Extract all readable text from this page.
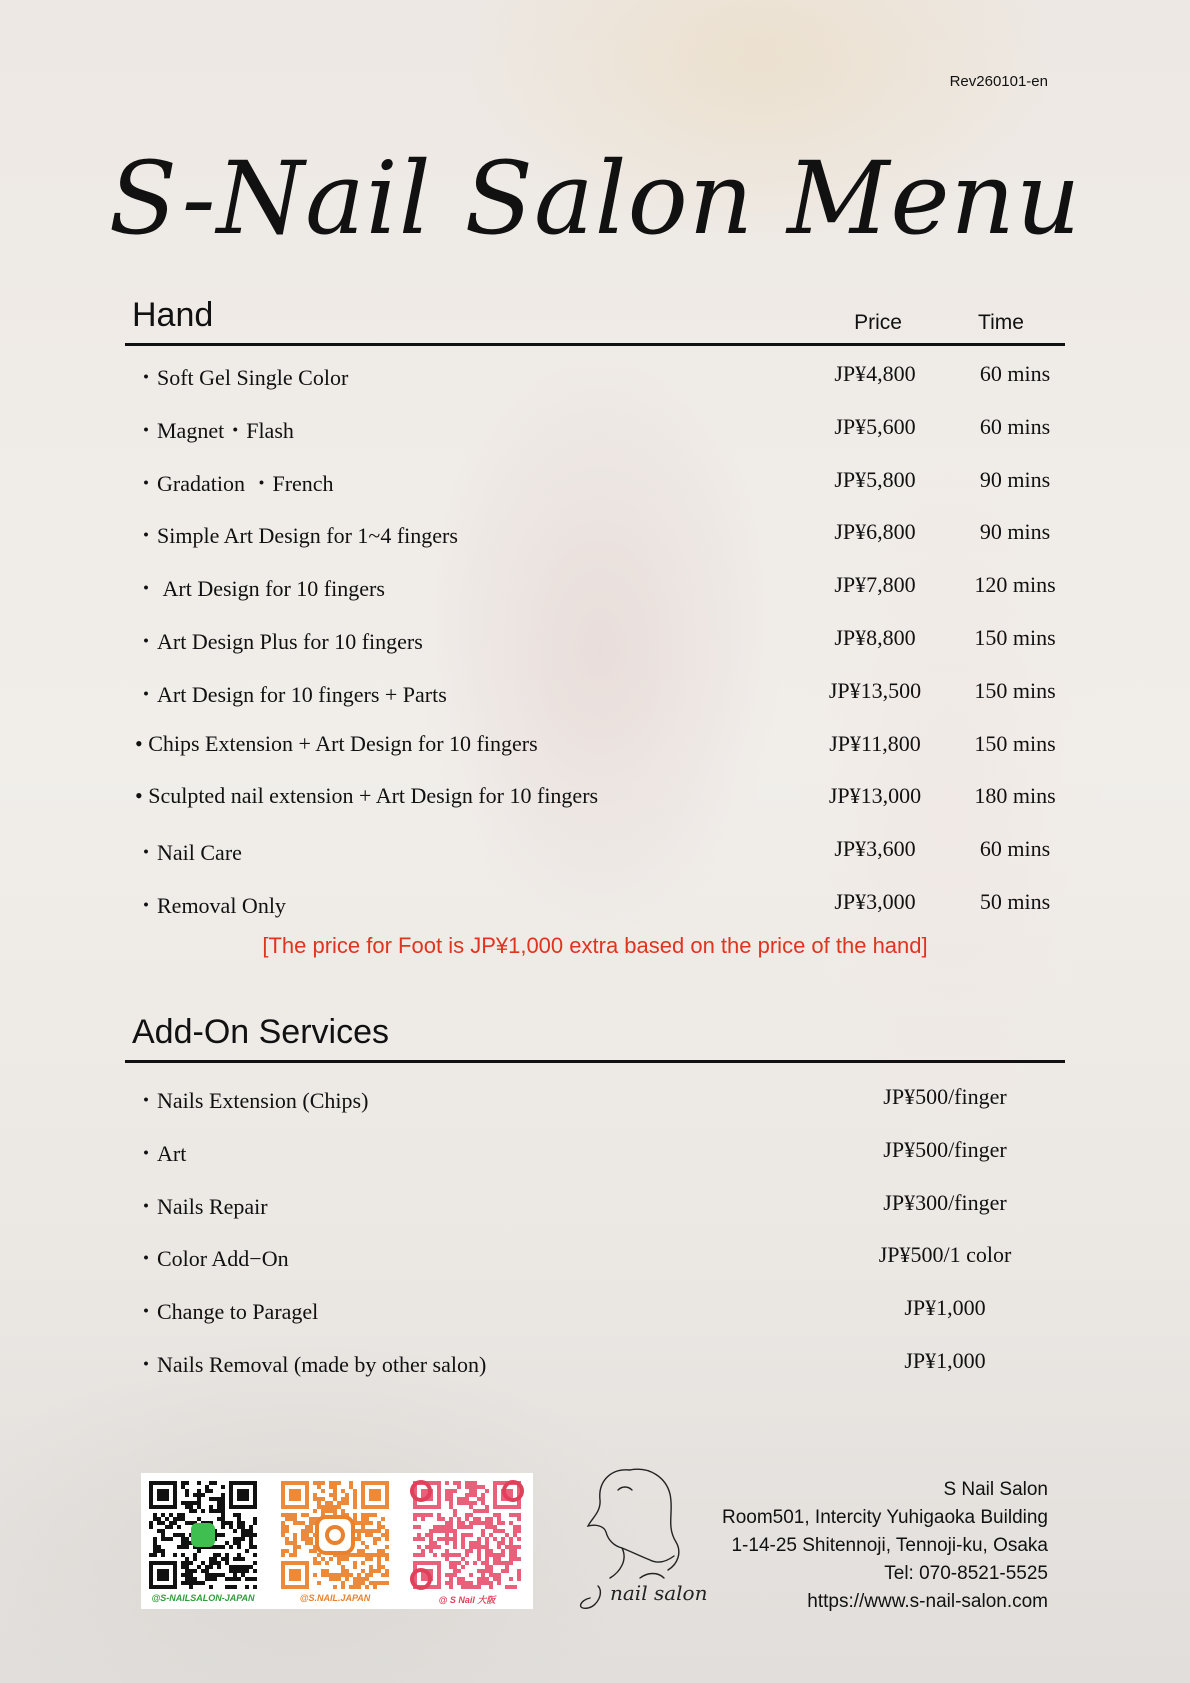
Rev260101-en
S-Nail Salon Menu
Hand	Price	Time
・Soft Gel Single Color	JP¥4,800	60 mins
・Magnet・Flash	JP¥5,600	60 mins
・Gradation ・French	JP¥5,800	90 mins
・Simple Art Design for 1~4 fingers	JP¥6,800	90 mins
・ Art Design for 10 fingers	JP¥7,800	120 mins
・Art Design Plus for 10 fingers	JP¥8,800	150 mins
・Art Design for 10 fingers + Parts	JP¥13,500	150 mins
• Chips Extension + Art Design for 10 fingers	JP¥11,800	150 mins
• Sculpted nail extension + Art Design for 10 fingers	JP¥13,000	180 mins
・Nail Care	JP¥3,600	60 mins
・Removal Only	JP¥3,000	50 mins
[The price for Foot is JP¥1,000 extra based on the price of the hand]
Add-On Services
・Nails Extension (Chips)	JP¥500/finger
・Art	JP¥500/finger
・Nails Repair	JP¥300/finger
・Color Add−On	JP¥500/1 color
・Change to Paragel	JP¥1,000
・Nails Removal (made by other salon)	JP¥1,000
@S-NAILSALON-JAPAN	@S.NAIL.JAPAN	@ S Nail 大阪	nail salon
S Nail Salon
Room501, Intercity Yuhigaoka Building
1-14-25 Shitennoji, Tennoji-ku, Osaka
Tel: 070-8521-5525
https://www.s-nail-salon.com
